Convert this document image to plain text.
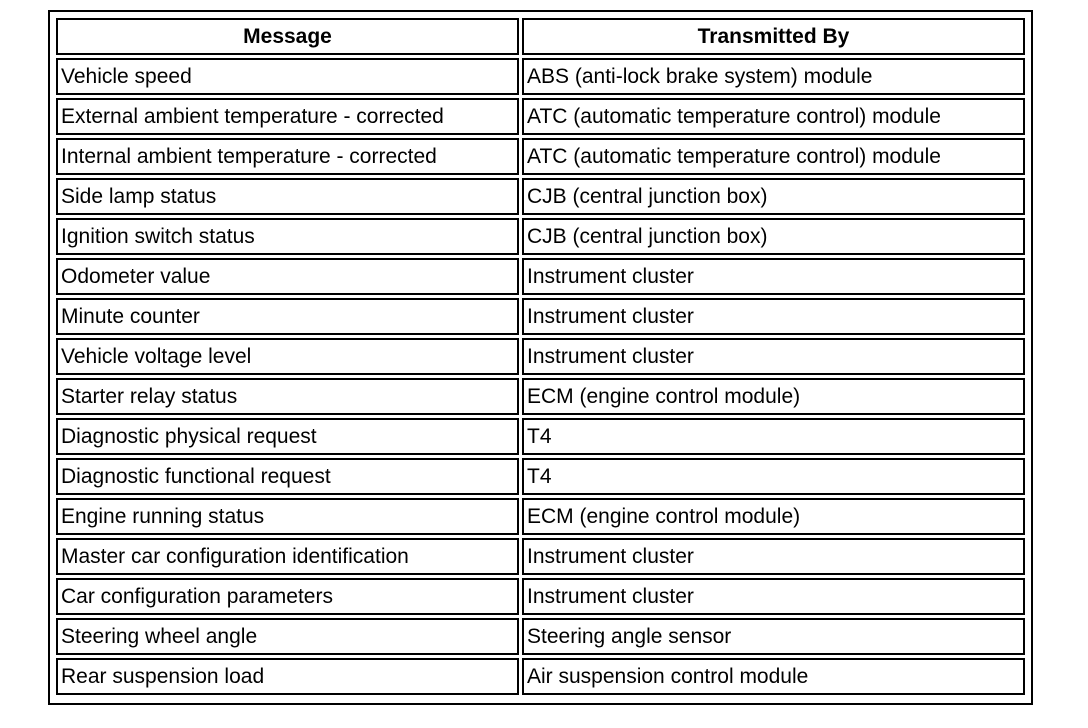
Message	Transmitted By
Vehicle speed	ABS (anti-lock brake system) module
External ambient temperature - corrected	ATC (automatic temperature control) module
Internal ambient temperature - corrected	ATC (automatic temperature control) module
Side lamp status	CJB (central junction box)
Ignition switch status	CJB (central junction box)
Odometer value	Instrument cluster
Minute counter	Instrument cluster
Vehicle voltage level	Instrument cluster
Starter relay status	ECM (engine control module)
Diagnostic physical request	T4
Diagnostic functional request	T4
Engine running status	ECM (engine control module)
Master car configuration identification	Instrument cluster
Car configuration parameters	Instrument cluster
Steering wheel angle	Steering angle sensor
Rear suspension load	Air suspension control module
